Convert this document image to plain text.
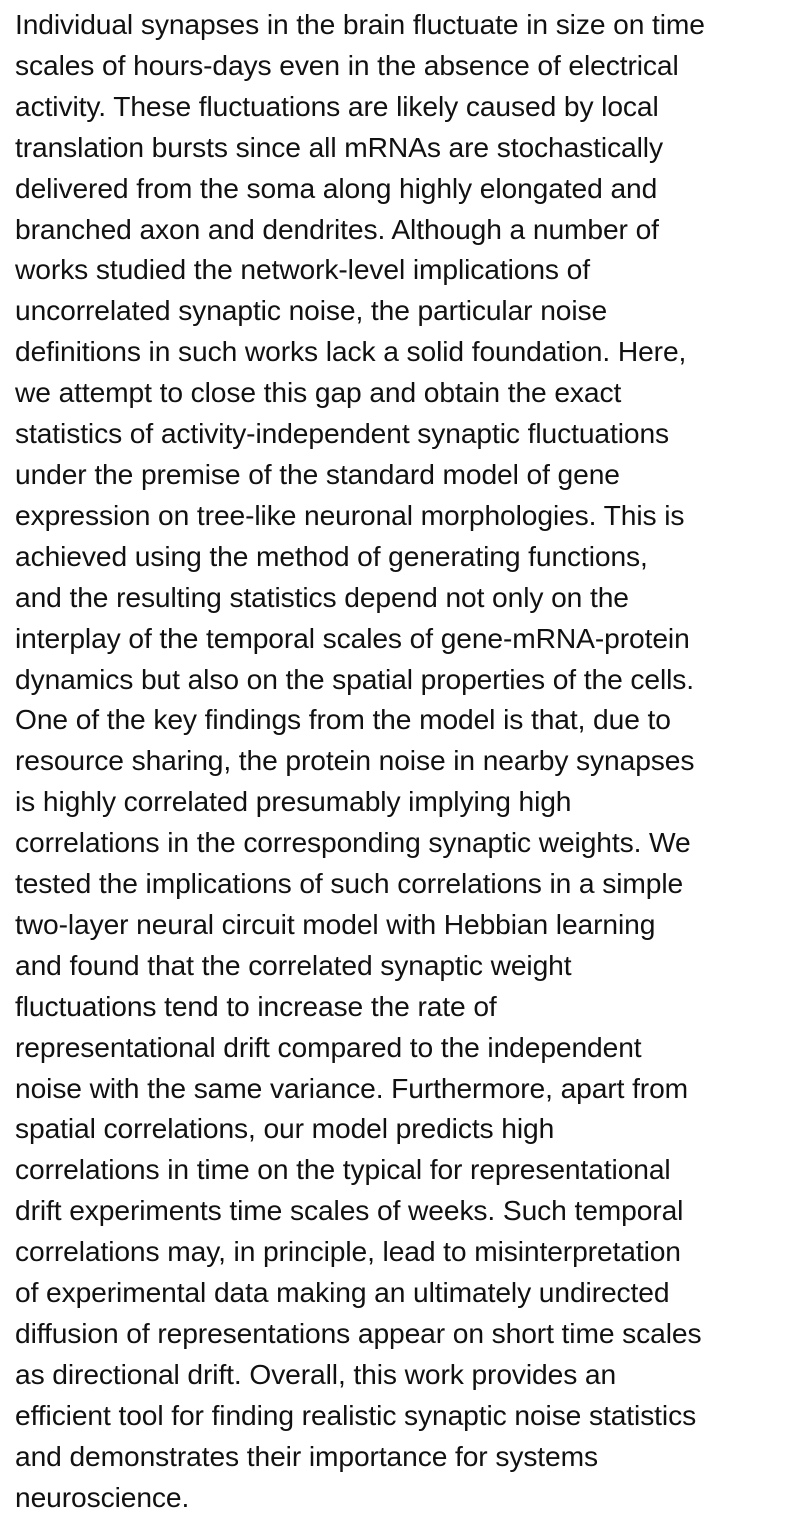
Individual synapses in the brain fluctuate in size on time
scales of hours-days even in the absence of electrical
activity. These fluctuations are likely caused by local
translation bursts since all mRNAs are stochastically
delivered from the soma along highly elongated and
branched axon and dendrites. Although a number of
works studied the network-level implications of
uncorrelated synaptic noise, the particular noise
definitions in such works lack a solid foundation. Here,
we attempt to close this gap and obtain the exact
statistics of activity-independent synaptic fluctuations
under the premise of the standard model of gene
expression on tree-like neuronal morphologies. This is
achieved using the method of generating functions,
and the resulting statistics depend not only on the
interplay of the temporal scales of gene-mRNA-protein
dynamics but also on the spatial properties of the cells.
One of the key findings from the model is that, due to
resource sharing, the protein noise in nearby synapses
is highly correlated presumably implying high
correlations in the corresponding synaptic weights. We
tested the implications of such correlations in a simple
two-layer neural circuit model with Hebbian learning
and found that the correlated synaptic weight
fluctuations tend to increase the rate of
representational drift compared to the independent
noise with the same variance. Furthermore, apart from
spatial correlations, our model predicts high
correlations in time on the typical for representational
drift experiments time scales of weeks. Such temporal
correlations may, in principle, lead to misinterpretation
of experimental data making an ultimately undirected
diffusion of representations appear on short time scales
as directional drift. Overall, this work provides an
efficient tool for finding realistic synaptic noise statistics
and demonstrates their importance for systems
neuroscience.
